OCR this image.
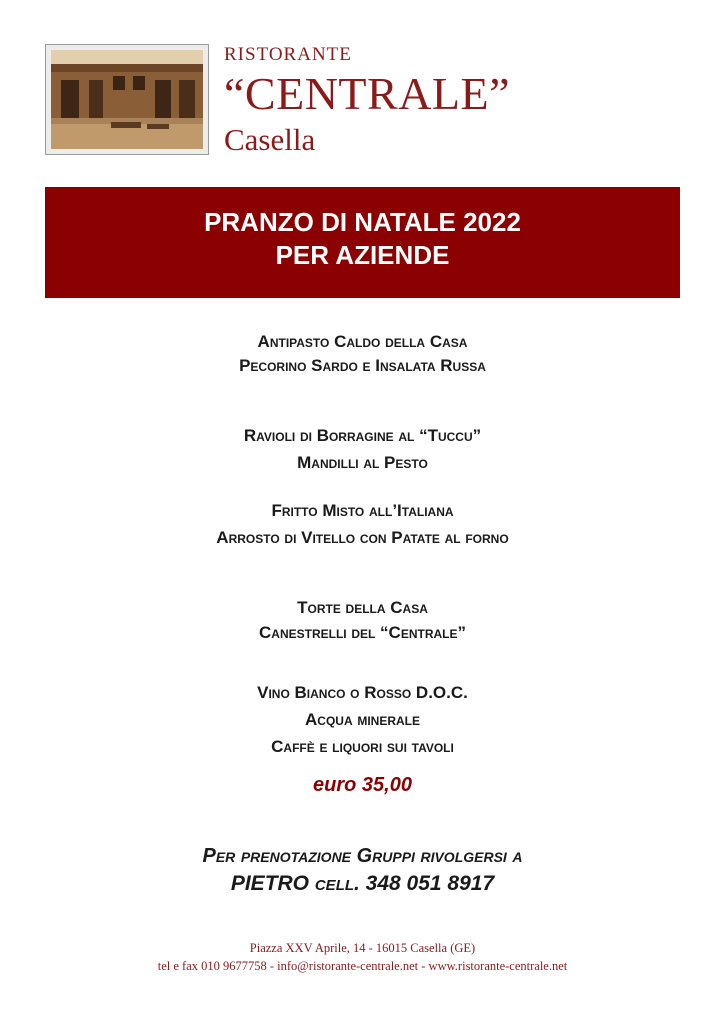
RISTORANTE
“CENTRALE”
Casella
PRANZO DI NATALE 2022
PER AZIENDE
Antipasto Caldo della Casa
Pecorino Sardo e Insalata Russa
Ravioli di Borragine al “Tuccu”
Mandilli al Pesto
Fritto Misto all’Italiana
Arrosto di Vitello con Patate al forno
Torte della Casa
Canestrelli del “Centrale”
Vino Bianco o Rosso D.O.C.
Acqua minerale
Caffè e liquori sui tavoli
euro 35,00
Per prenotazione Gruppi rivolgersi a
PIETRO cell. 348 051 8917
Piazza XXV Aprile, 14 - 16015 Casella (GE)
tel e fax 010 9677758 - info@ristorante-centrale.net - www.ristorante-centrale.net
